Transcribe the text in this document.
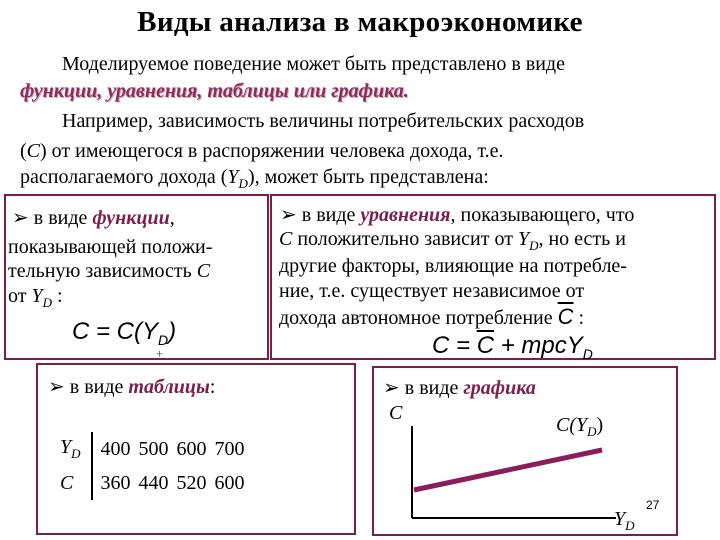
Виды анализа в макроэкономике
Моделируемое поведение может быть представлено в виде
функции, уравнения, таблицы или графика.
Например, зависимость величины потребительских расходов
(C) от имеющегося в распоряжении человека дохода, т.е.
располагаемого дохода $(Y_D)$, может быть представлена:
➢ в виде функции,
показывающей положи-
тельную зависимость C
от $Y_D$ :
$C = C(Y_D)$
+
➢ в виде уравнения, показывающего, что
C положительно зависит от $Y_D$, но есть и
другие факторы, влияющие на потребле-
ние, т.е. существует независимое от
дохода автономное потребление $\overline{C}$ :
$C = \overline{C}$ + mpcY$_D$
➢ в виде таблицы:
$Y_D$	400	500	600	700
C	360	440	520	600
➢ в виде графика
C
$C(Y_D)$
$Y_D$
27
